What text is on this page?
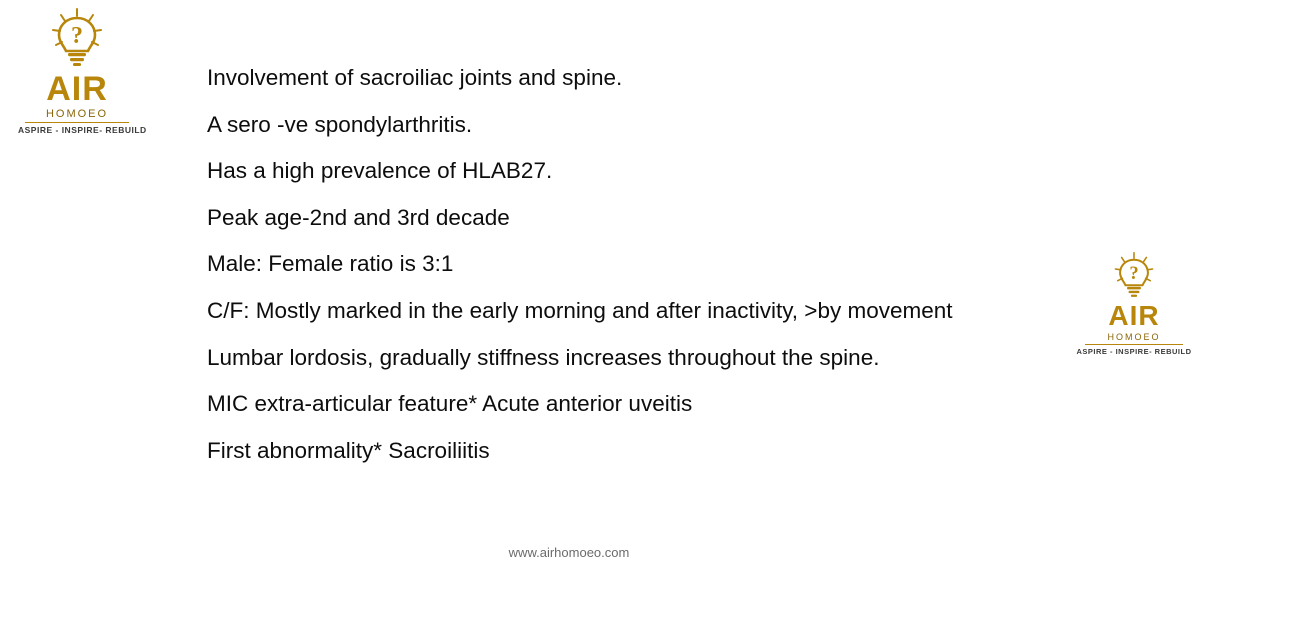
?
AIR
HOMOEO
ASPIRE - INSPIRE- REBUILD
Involvement of sacroiliac joints and spine.
A sero -ve spondylarthritis.
Has a high prevalence of HLAB27.
Peak age-2nd and 3rd decade
Male: Female ratio is 3:1
C/F: Mostly marked in the early morning and after inactivity, >by movement
Lumbar lordosis, gradually stiffness increases throughout the spine.
MIC extra-articular feature* Acute anterior uveitis
First abnormality* Sacroiliitis
?
AIR
HOMOEO
ASPIRE - INSPIRE- REBUILD
www.airhomoeo.com
